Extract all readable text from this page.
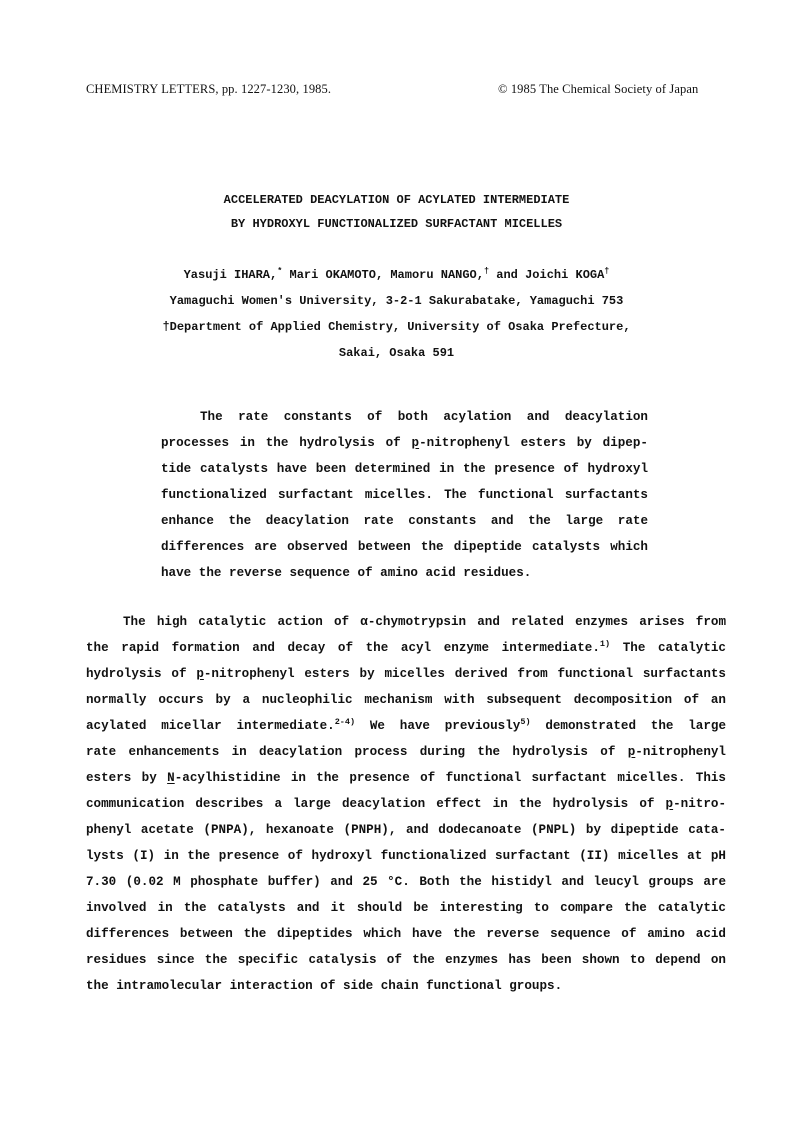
CHEMISTRY LETTERS, pp. 1227-1230, 1985.	© 1985 The Chemical Society of Japan
ACCELERATED DEACYLATION OF ACYLATED INTERMEDIATE
BY HYDROXYL FUNCTIONALIZED SURFACTANT MICELLES
Yasuji IHARA,* Mari OKAMOTO, Mamoru NANGO,† and Joichi KOGA†
Yamaguchi Women's University, 3-2-1 Sakurabatake, Yamaguchi 753
†Department of Applied Chemistry, University of Osaka Prefecture,
Sakai, Osaka 591
The rate constants of both acylation and deacylation
processes in the hydrolysis of p-nitrophenyl esters by dipep-
tide catalysts have been determined in the presence of hydroxyl
functionalized surfactant micelles. The functional surfactants
enhance the deacylation rate constants and the large rate
differences are observed between the dipeptide catalysts which
have the reverse sequence of amino acid residues.
The high catalytic action of α-chymotrypsin and related enzymes arises from
the rapid formation and decay of the acyl enzyme intermediate.$^{1)}$ The catalytic
hydrolysis of p-nitrophenyl esters by micelles derived from functional surfactants
normally occurs by a nucleophilic mechanism with subsequent decomposition of an
acylated micellar intermediate.$^{2-4)}$ We have previously$^{5)}$ demonstrated the large
rate enhancements in deacylation process during the hydrolysis of p-nitrophenyl
esters by N-acylhistidine in the presence of functional surfactant micelles. This
communication describes a large deacylation effect in the hydrolysis of p-nitro-
phenyl acetate (PNPA), hexanoate (PNPH), and dodecanoate (PNPL) by dipeptide cata-
lysts (I) in the presence of hydroxyl functionalized surfactant (II) micelles at pH
7.30 (0.02 M phosphate buffer) and 25 °C. Both the histidyl and leucyl groups are
involved in the catalysts and it should be interesting to compare the catalytic
differences between the dipeptides which have the reverse sequence of amino acid
residues since the specific catalysis of the enzymes has been shown to depend on
the intramolecular interaction of side chain functional groups.
